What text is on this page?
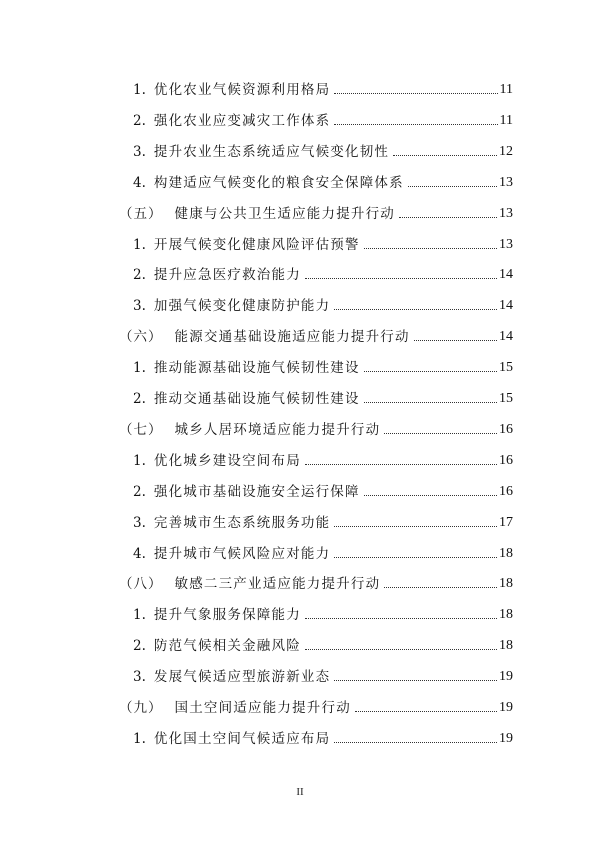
1. 优化农业气候资源利用格局	11
2. 强化农业应变减灾工作体系	11
3. 提升农业生态系统适应气候变化韧性	12
4. 构建适应气候变化的粮食安全保障体系	13
（五） 健康与公共卫生适应能力提升行动	13
1. 开展气候变化健康风险评估预警	13
2. 提升应急医疗救治能力	14
3. 加强气候变化健康防护能力	14
（六） 能源交通基础设施适应能力提升行动	14
1. 推动能源基础设施气候韧性建设	15
2. 推动交通基础设施气候韧性建设	15
（七） 城乡人居环境适应能力提升行动	16
1. 优化城乡建设空间布局	16
2. 强化城市基础设施安全运行保障	16
3. 完善城市生态系统服务功能	17
4. 提升城市气候风险应对能力	18
（八） 敏感二三产业适应能力提升行动	18
1. 提升气象服务保障能力	18
2. 防范气候相关金融风险	18
3. 发展气候适应型旅游新业态	19
（九） 国土空间适应能力提升行动	19
1. 优化国土空间气候适应布局	19
II
